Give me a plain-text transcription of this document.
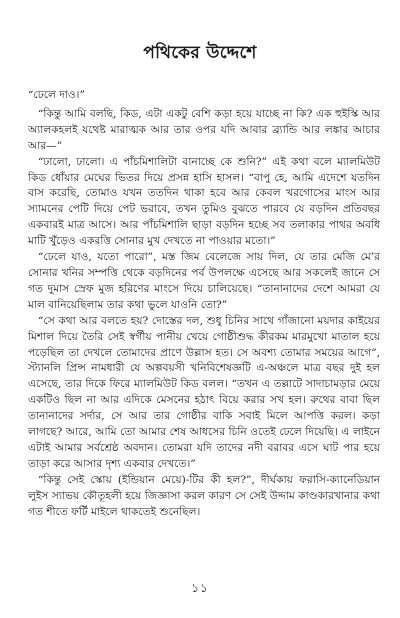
পথিকের উদ্দেশে

“ঢেলে দাও।”

“কিন্তু আমি বলছি, কিড, এটা একটু বেশি কড়া হয়ে যাচ্ছে না কি? এক হুইস্কি আর অ্যালকহলই যথেষ্ট মারাত্মক আর তার ওপর যদি আবার ব্র্যান্ডি আর লঙ্কার আচার আর—”

“ঢালো, ঢালো। এ পাঁচমিশালিটা বানাচ্ছে কে শুনি?” এই কথা বলে ম্যালমিউট কিড ধোঁয়ার মেঘের ভিতর দিয়ে প্রসন্ন হাসি হাসল। “বাপু হে, আমি এদেশে যতদিন বাস করেছি, তোমাও যখন ততদিন থাকা হবে আর কেবল খরগোসের মাংস আর স্যামনের পেটি দিয়ে পেট ভরাবে, তখন তুমিও বুঝতে পারবে যে বড়দিন প্রতিবছর একবারই মাত্র আসে। আর পাঁচমিশালি ছাড়া বড়দিন হচ্ছে সব তলাকার পাথর অবধি মাটি খুঁড়েও একরত্তি সোনার মুখ দেখতে না পাওয়ার মতো।”

“ঢেলে যাও, যতো পারো”, মস্ত জিম বেলেজে সায় দিল, যে তার মেজি মে’র সোনার খনির সম্পত্তি থেকে বড়দিনের পর্ব উপলক্ষে এসেছে আর সকলেই জানে সে গত দুমাস স্রেফ মুজ হরিণের মাংসে দিয়ে চালিয়েছে। “তানানাদের দেশে আমরা যে মাল বানিয়েছিলাম তার কথা ভুলে যাওনি তো?”

“সে কথা আর বলতে হয়? দোস্তের দল, শুধু চিনির সাথে গাঁজানো ময়দার কাইয়ের মিশাল দিয়ে তৈরি সেই স্বর্গীয় পানীয় খেয়ে গোষ্ঠীশুদ্ধ কীরকম মারমুখো মাতাল হয়ে পড়েছিল তা দেখলে তোমাদের প্রাণে উল্লাস হত। সে অবশ্য তোমার সময়ের আগে”, স্ট্যানলি প্রিন্স নামধারী যে অল্পবয়সী খনিবিশেষজ্ঞটি এ-অঞ্চলে মাত্র বছর দুই হল এসেছে, তার দিকে ফিরে ম্যালমিউট কিড বলল। “তখন এ তল্লাটে সাদাচামড়ার মেয়ে একটিও ছিল না আর এদিকে মেসনের হঠাৎ বিয়ে করার সখ হল। রুথের বাবা ছিল তানানাদের সর্দার, সে আর তার গোষ্ঠীর বাকি সবাই মিলে আপত্তি করল। কড়া লাগছে? আরে, আমি তো আমার শেষ আধসের চিনি ওতেই ঢেলে দিয়েছি। এ লাইনে এটাই আমার সর্বশ্রেষ্ঠ অবদান। তোমরা যদি তাদের নদী বরাবর এসে ঘাট পার হয়ে তাড়া করে আসার দৃশ্য একবার দেখতে।”

“কিন্তু সেই স্কোয় (ইন্ডিয়ান মেয়ে)-টির কী হল?”, দীর্ঘকায় ফরাসি-ক্যানেডিয়ান লুইস স্যাভয় কৌতূহলী হয়ে জিজ্ঞাসা করল কারণ সে সেই উদ্দাম কাণ্ডকারখানার কথা গত শীতে ফর্টি মাইলে থাকতেই শুনেছিল।

১১
